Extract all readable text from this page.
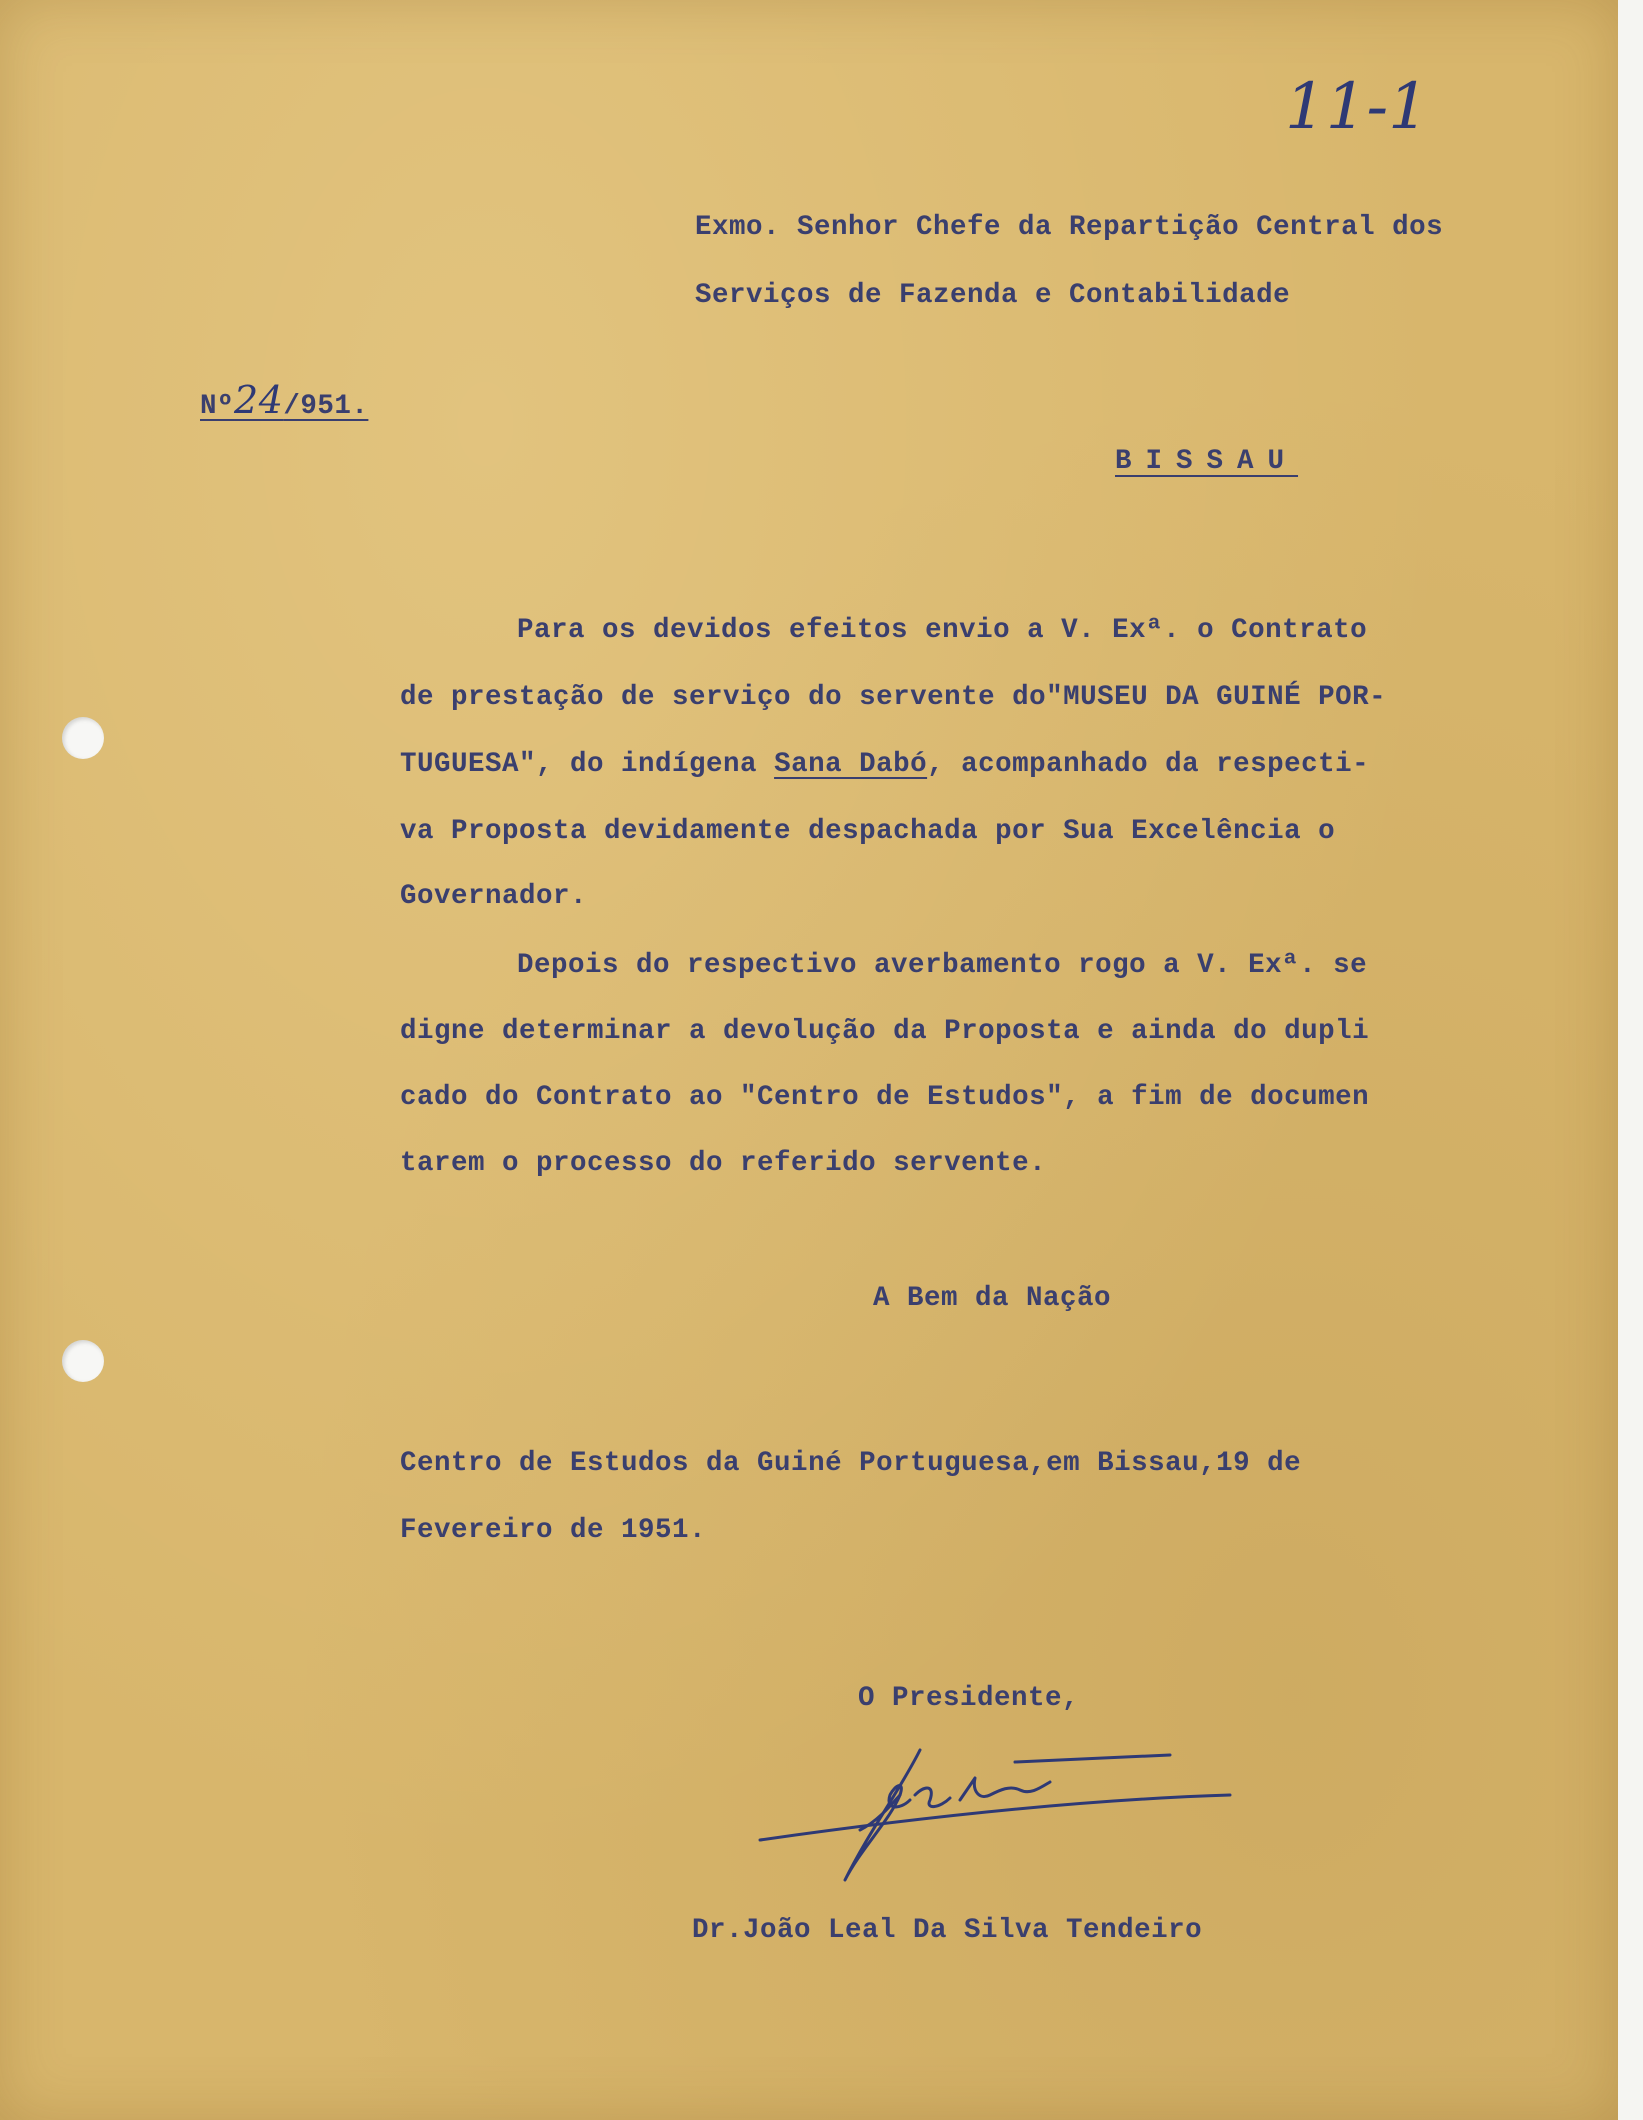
11-1
Exmo. Senhor Chefe da Repartição Central dos
Serviços de Fazenda e Contabilidade
Nº24/951.
BISSAU
Para os devidos efeitos envio a V. Exª. o Contrato
de prestação de serviço do servente do"MUSEU DA GUINÉ POR-
TUGUESA", do indígena Sana Dabó, acompanhado da respecti-
va Proposta devidamente despachada por Sua Excelência o
Governador.
Depois do respectivo averbamento rogo a V. Exª. se
digne determinar a devolução da Proposta e ainda do dupli
cado do Contrato ao "Centro de Estudos", a fim de documen
tarem o processo do referido servente.
A Bem da Nação
Centro de Estudos da Guiné Portuguesa,em Bissau,19 de
Fevereiro de 1951.
O Presidente,
Dr.João Leal Da Silva Tendeiro
